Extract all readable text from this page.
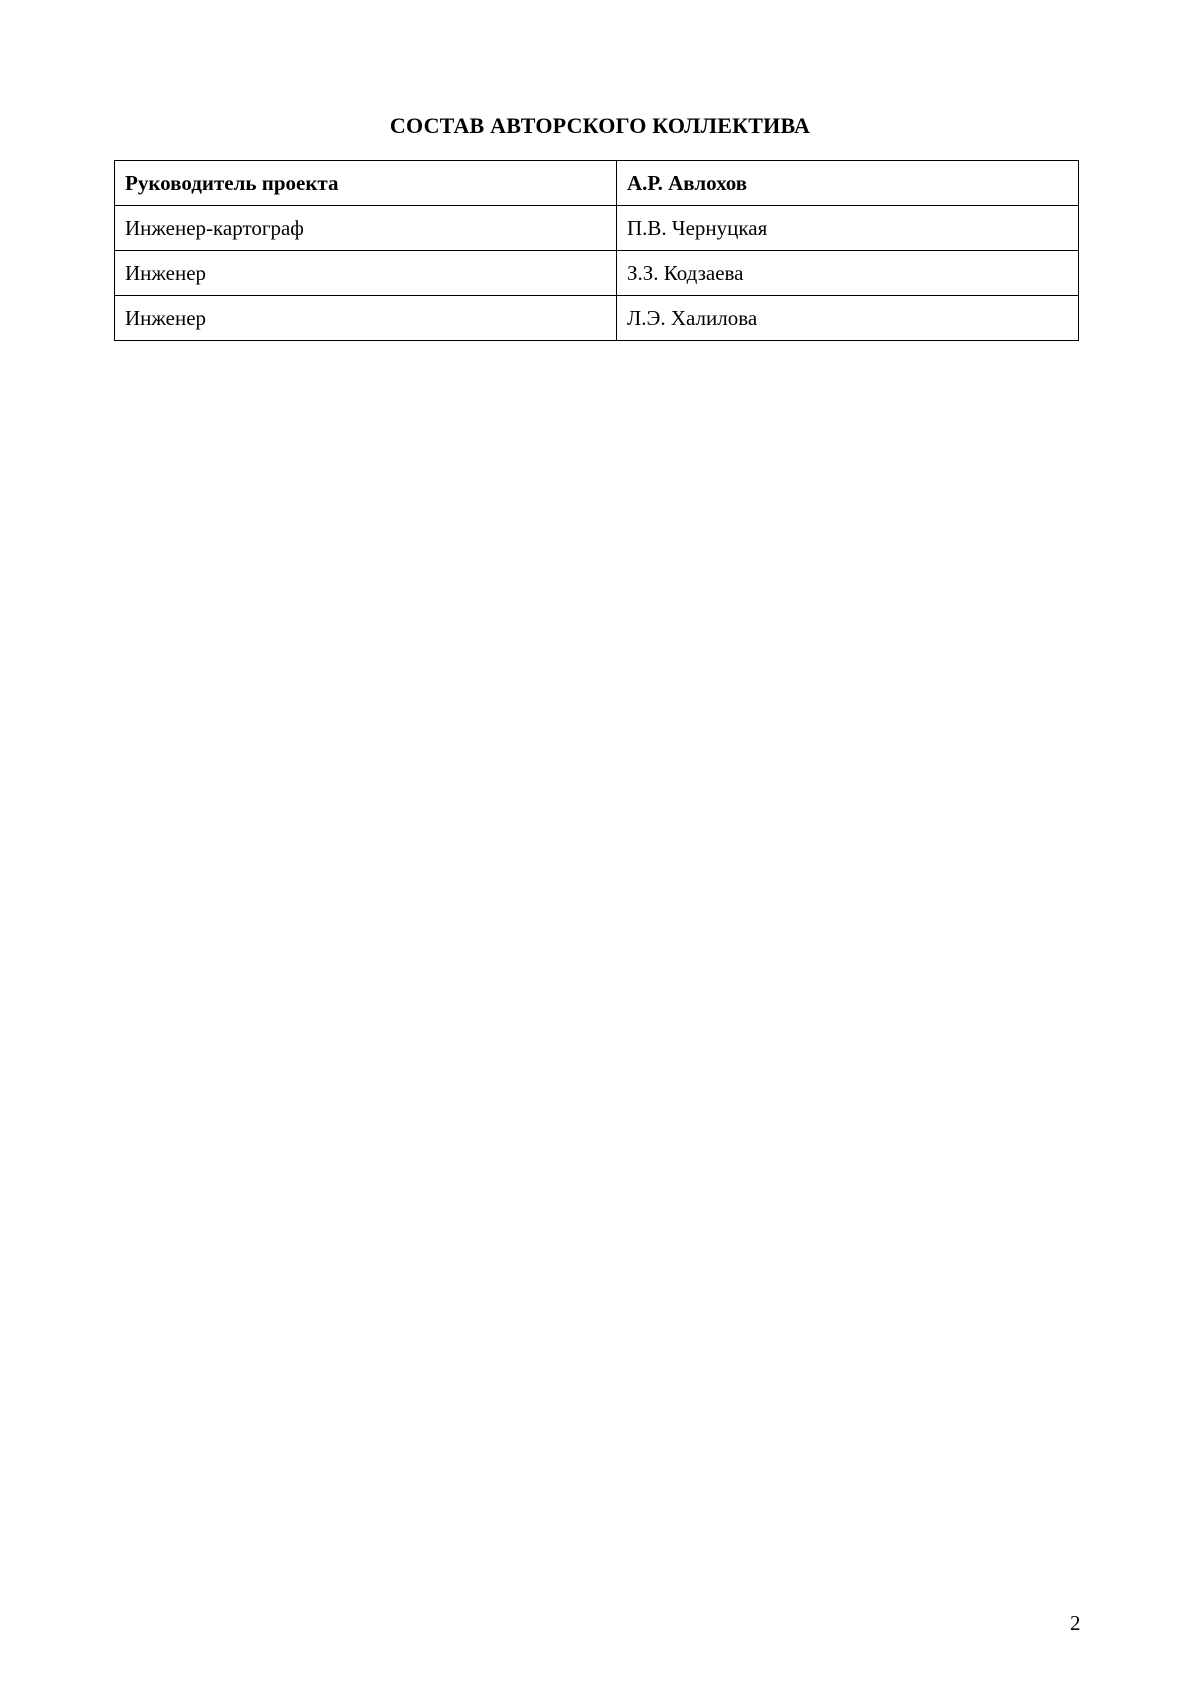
СОСТАВ АВТОРСКОГО КОЛЛЕКТИВА
Руководитель проекта	А.Р. Авлохов
Инженер-картограф	П.В. Чернуцкая
Инженер	З.З. Кодзаева
Инженер	Л.Э. Халилова
2
